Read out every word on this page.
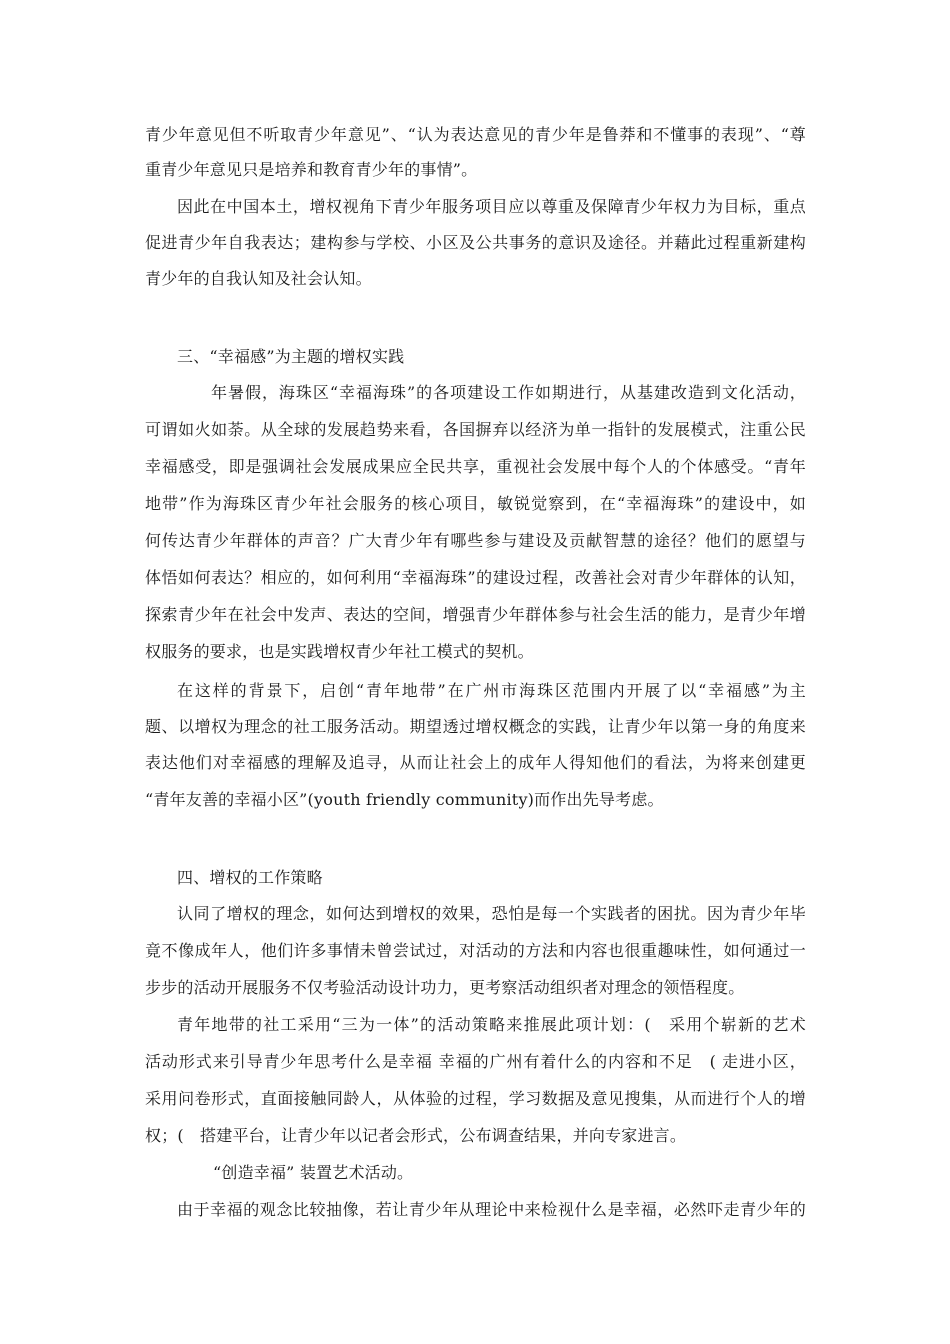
青少年意见但不听取青少年意见”、“认为表达意见的青少年是鲁莽和不懂事的表现”、“尊
重青少年意见只是培养和教育青少年的事情”。
因此在中国本土，增权视角下青少年服务项目应以尊重及保障青少年权力为目标，重点
促进青少年自我表达；建构参与学校、小区及公共事务的意识及途径。并藉此过程重新建构
青少年的自我认知及社会认知。
三、“幸福感”为主题的增权实践
年暑假，海珠区“幸福海珠”的各项建设工作如期进行，从基建改造到文化活动，
可谓如火如荼。从全球的发展趋势来看，各国摒弃以经济为单一指针的发展模式，注重公民
幸福感受，即是强调社会发展成果应全民共享，重视社会发展中每个人的个体感受。“青年
地带”作为海珠区青少年社会服务的核心项目，敏锐觉察到，在“幸福海珠”的建设中，如
何传达青少年群体的声音？广大青少年有哪些参与建设及贡献智慧的途径？他们的愿望与
体悟如何表达？相应的，如何利用“幸福海珠”的建设过程，改善社会对青少年群体的认知，
探索青少年在社会中发声、表达的空间，增强青少年群体参与社会生活的能力，是青少年增
权服务的要求，也是实践增权青少年社工模式的契机。
在这样的背景下，启创“青年地带”在广州市海珠区范围内开展了以“幸福感”为主
题、以增权为理念的社工服务活动。期望透过增权概念的实践，让青少年以第一身的角度来
表达他们对幸福感的理解及追寻，从而让社会上的成年人得知他们的看法，为将来创建更
“青年友善的幸福小区”(youth friendly community)而作出先导考虑。
四、增权的工作策略
认同了增权的理念，如何达到增权的效果，恐怕是每一个实践者的困扰。因为青少年毕
竟不像成年人，他们许多事情未曾尝试过，对活动的方法和内容也很重趣味性，如何通过一
步步的活动开展服务不仅考验活动设计功力，更考察活动组织者对理念的领悟程度。
青年地带的社工采用“三为一体”的活动策略来推展此项计划：(　采用个崭新的艺术
活动形式来引导青少年思考什么是幸福 幸福的广州有着什么的内容和不足　( 走进小区，
采用问卷形式，直面接触同龄人，从体验的过程，学习数据及意见搜集，从而进行个人的增
权；(　搭建平台，让青少年以记者会形式，公布调查结果，并向专家进言。
“创造幸福” 装置艺术活动。
由于幸福的观念比较抽像，若让青少年从理论中来检视什么是幸福，必然吓走青少年的
